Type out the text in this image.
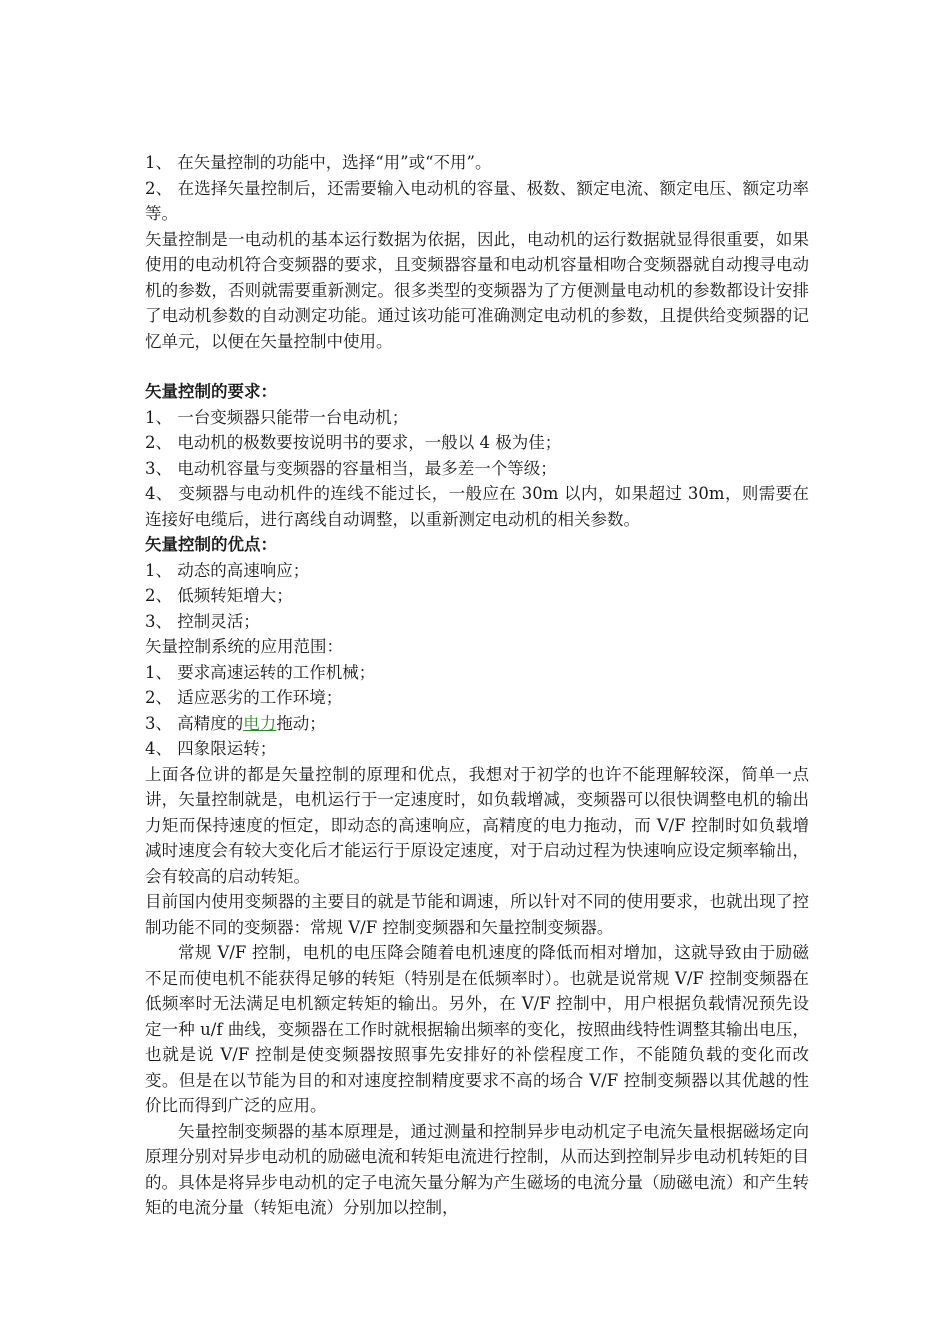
1、 在矢量控制的功能中，选择“用”或“不用”。

2、 在选择矢量控制后，还需要输入电动机的容量、极数、额定电流、额定电压、额定功率等。

矢量控制是一电动机的基本运行数据为依据，因此，电动机的运行数据就显得很重要，如果使用的电动机符合变频器的要求，且变频器容量和电动机容量相吻合变频器就自动搜寻电动机的参数，否则就需要重新测定。很多类型的变频器为了方便测量电动机的参数都设计安排了电动机参数的自动测定功能。通过该功能可准确测定电动机的参数，且提供给变频器的记忆单元，以便在矢量控制中使用。

矢量控制的要求：

1、 一台变频器只能带一台电动机；

2、 电动机的极数要按说明书的要求，一般以 4 极为佳；

3、 电动机容量与变频器的容量相当，最多差一个等级；

4、 变频器与电动机件的连线不能过长，一般应在 30m 以内，如果超过 30m，则需要在连接好电缆后，进行离线自动调整，以重新测定电动机的相关参数。

矢量控制的优点：

1、 动态的高速响应；

2、 低频转矩增大；

3、 控制灵活；

矢量控制系统的应用范围：

1、 要求高速运转的工作机械；

2、 适应恶劣的工作环境；

3、 高精度的电力拖动；

4、 四象限运转；

上面各位讲的都是矢量控制的原理和优点，我想对于初学的也许不能理解较深，简单一点讲，矢量控制就是，电机运行于一定速度时，如负载增减，变频器可以很快调整电机的输出力矩而保持速度的恒定，即动态的高速响应，高精度的电力拖动，而 V/F 控制时如负载增减时速度会有较大变化后才能运行于原设定速度，对于启动过程为快速响应设定频率输出，会有较高的启动转矩。

目前国内使用变频器的主要目的就是节能和调速，所以针对不同的使用要求，也就出现了控制功能不同的变频器：常规 V/F 控制变频器和矢量控制变频器。

常规 V/F 控制，电机的电压降会随着电机速度的降低而相对增加，这就导致由于励磁不足而使电机不能获得足够的转矩（特别是在低频率时）。也就是说常规 V/F 控制变频器在低频率时无法满足电机额定转矩的输出。另外，在 V/F 控制中，用户根据负载情况预先设定一种 u/f 曲线，变频器在工作时就根据输出频率的变化，按照曲线特性调整其输出电压，也就是说 V/F 控制是使变频器按照事先安排好的补偿程度工作，不能随负载的变化而改变。但是在以节能为目的和对速度控制精度要求不高的场合 V/F 控制变频器以其优越的性价比而得到广泛的应用。

矢量控制变频器的基本原理是，通过测量和控制异步电动机定子电流矢量根据磁场定向原理分别对异步电动机的励磁电流和转矩电流进行控制，从而达到控制异步电动机转矩的目的。具体是将异步电动机的定子电流矢量分解为产生磁场的电流分量（励磁电流）和产生转矩的电流分量（转矩电流）分别加以控制，
